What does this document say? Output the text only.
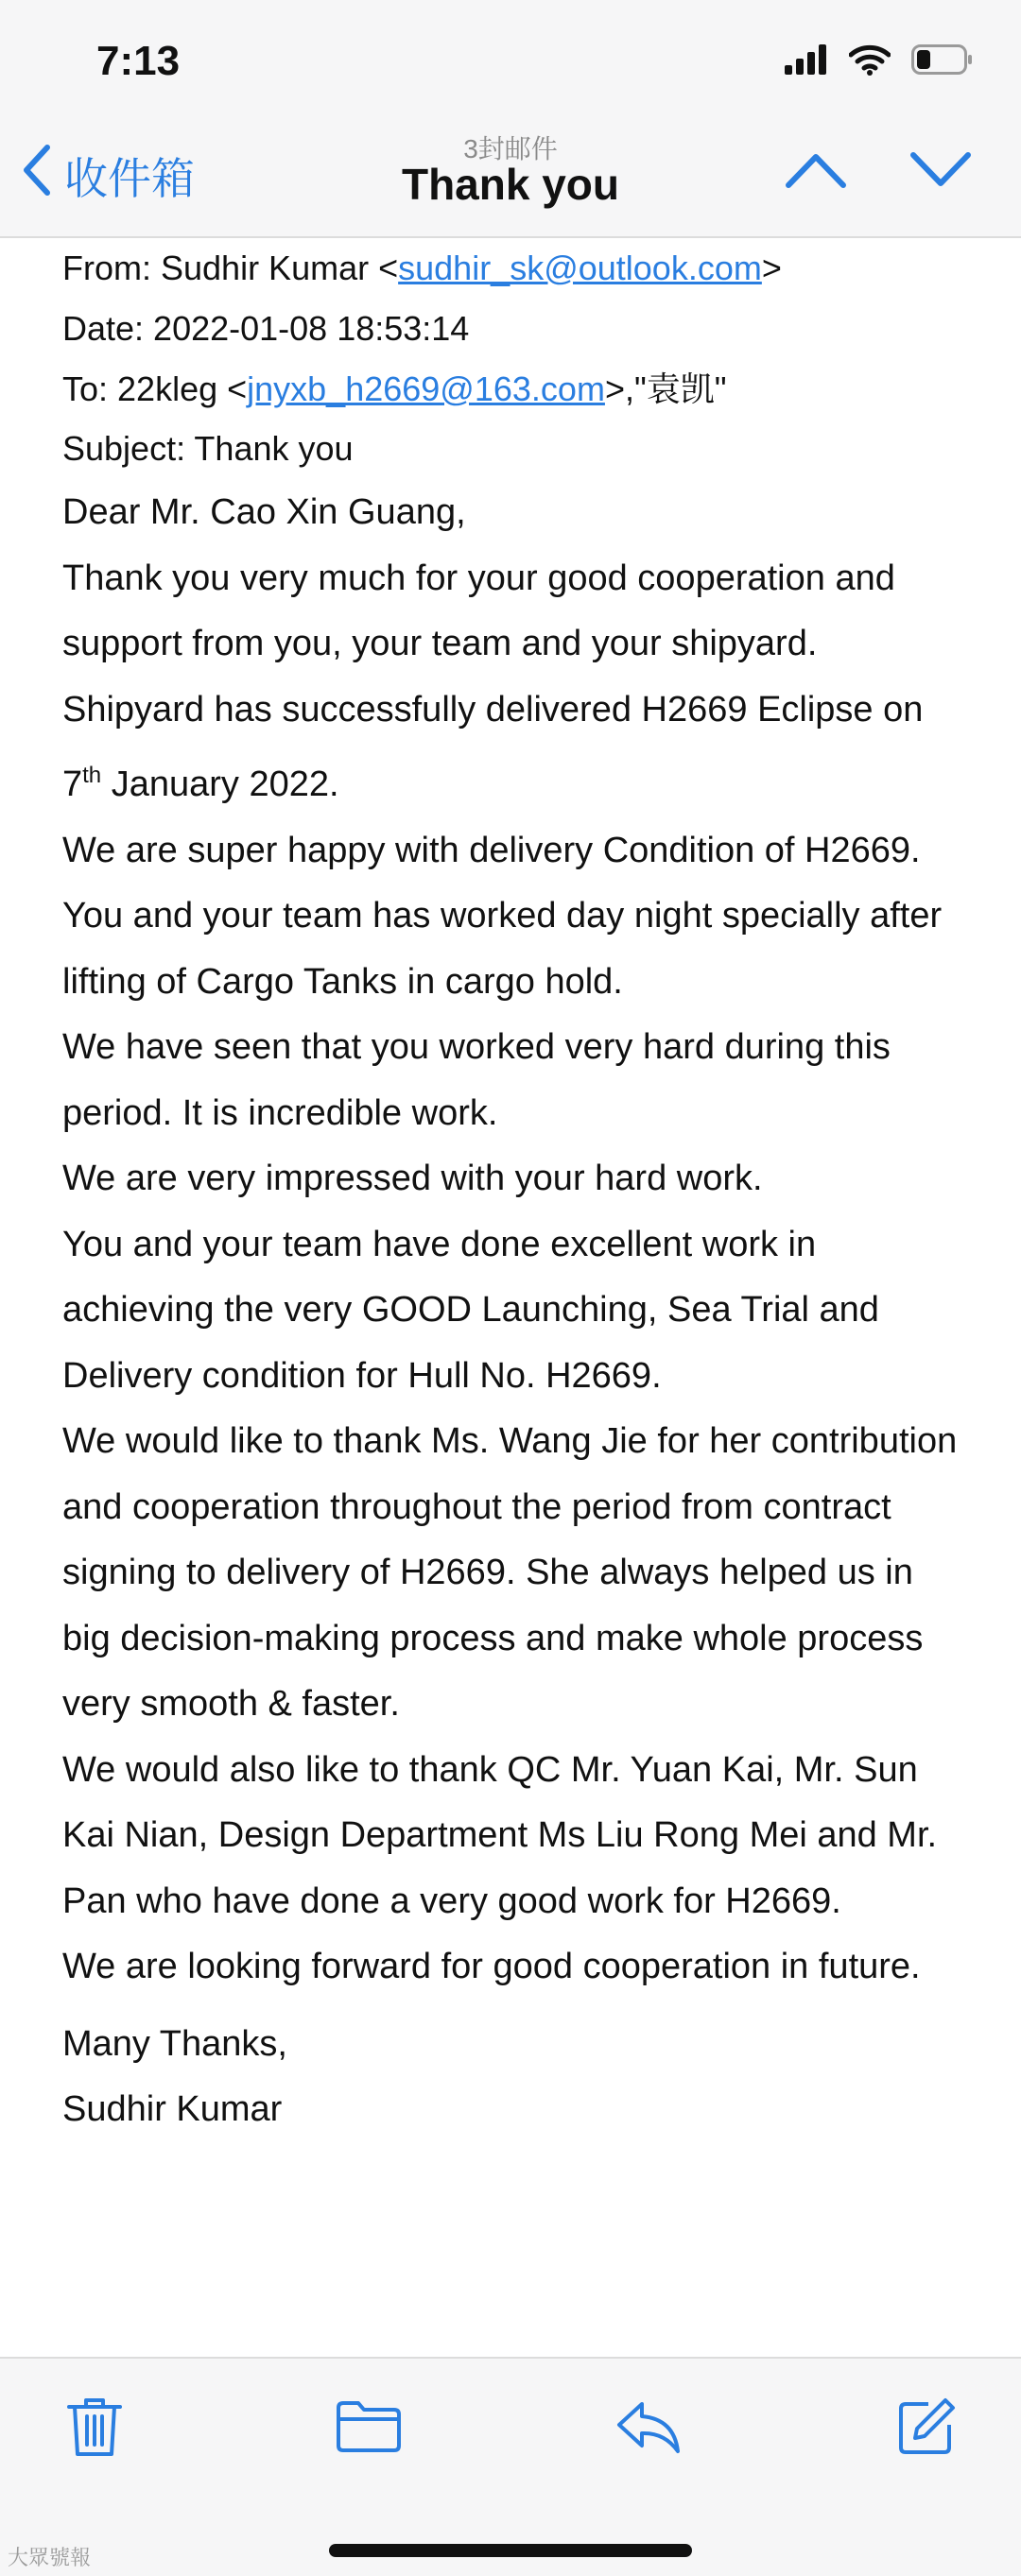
7:13
3封邮件
收件箱	Thank you
From: Sudhir Kumar <sudhir_sk@outlook.com>
Date: 2022-01-08 18:53:14
To: 22kleg <jnyxb_h2669@163.com>,"袁凯"
Subject: Thank you

Dear Mr. Cao Xin Guang,

Thank you very much for your good cooperation and support from you, your team and your shipyard.

Shipyard has successfully delivered H2669 Eclipse on 7th January 2022.

We are super happy with delivery Condition of H2669. You and your team has worked day night specially after lifting of Cargo Tanks in cargo hold.

We have seen that you worked very hard during this period. It is incredible work.

We are very impressed with your hard work.

You and your team have done excellent work in achieving the very GOOD Launching, Sea Trial and Delivery condition for Hull No. H2669.

We would like to thank Ms. Wang Jie for her contribution and cooperation throughout the period from contract signing to delivery of H2669. She always helped us in big decision-making process and make whole process very smooth & faster.

We would also like to thank QC Mr. Yuan Kai, Mr. Sun Kai Nian, Design Department Ms Liu Rong Mei and Mr. Pan who have done a very good work for H2669.

We are looking forward for good cooperation in future.

Many Thanks,
Sudhir Kumar
大眾號報
